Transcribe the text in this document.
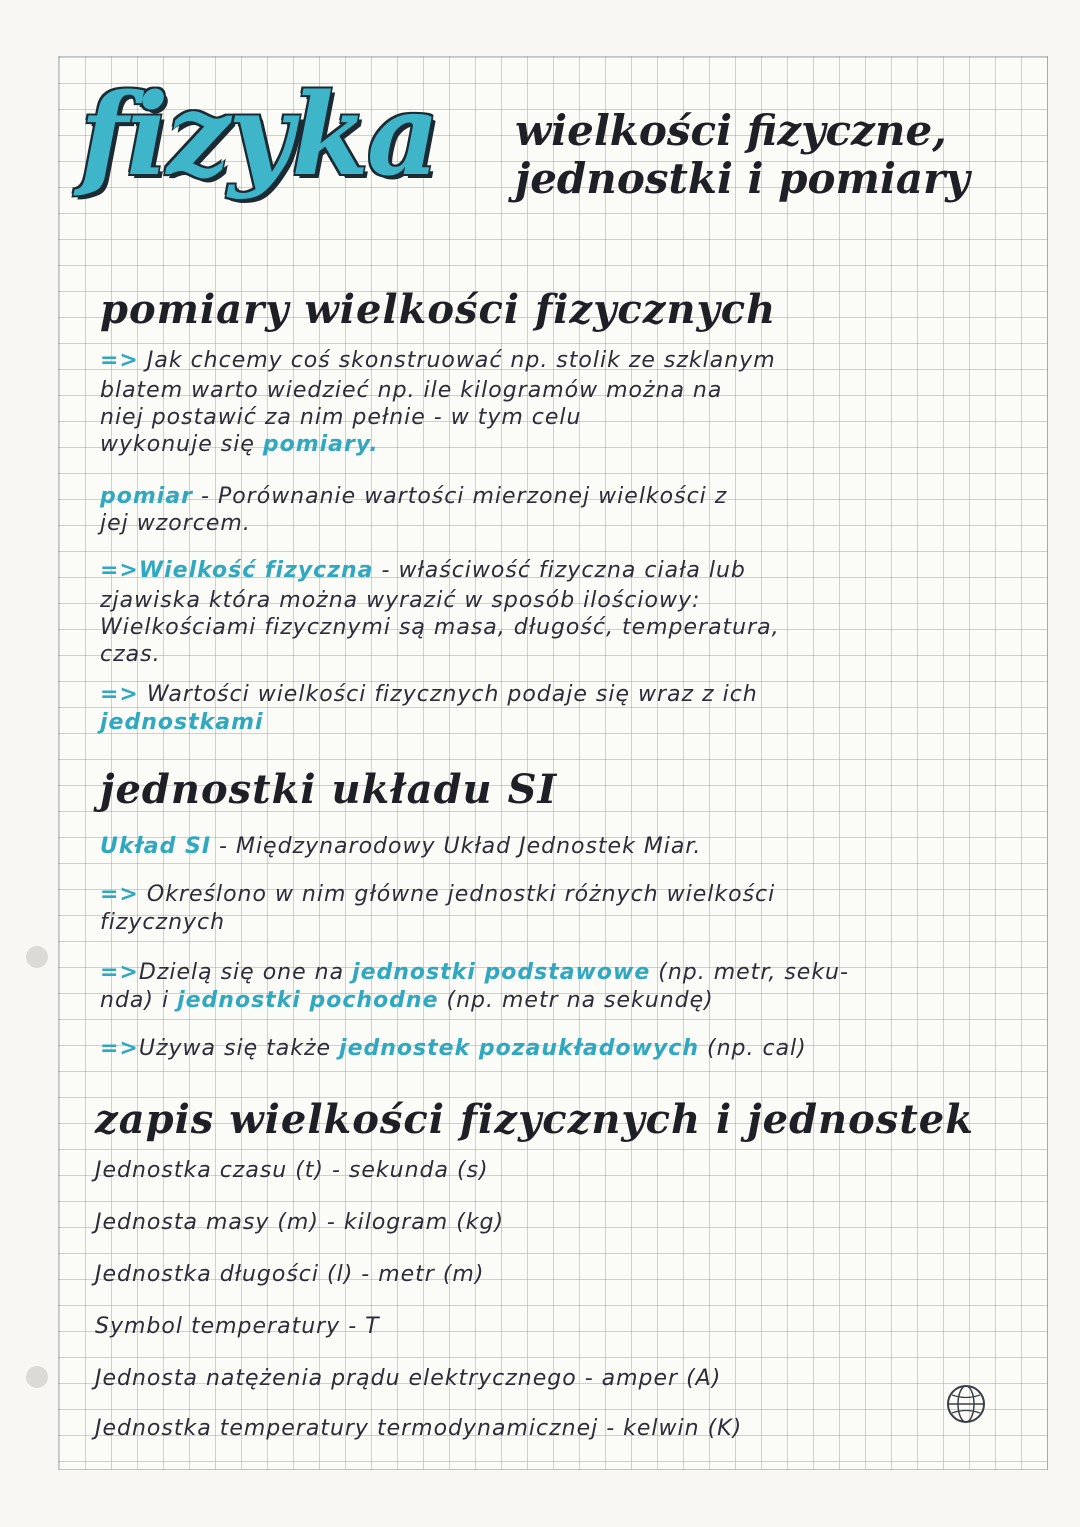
fizyka wielkości fizyczne,
jednostki i pomiary
pomiary wielkości fizycznych
=> Jak chcemy coś skonstruować np. stolik ze szklanym
blatem warto wiedzieć np. ile kilogramów można na
niej postawić za nim pełnie - w tym celu
wykonuje się pomiary.
pomiar - Porównanie wartości mierzonej wielkości z
jej wzorcem.
=>Wielkość fizyczna - właściwość fizyczna ciała lub
zjawiska która można wyrazić w sposób ilościowy:
Wielkościami fizycznymi są masa, długość, temperatura,
czas.
=> Wartości wielkości fizycznych podaje się wraz z ich
jednostkami
jednostki układu SI
Układ SI - Międzynarodowy Układ Jednostek Miar.
=> Określono w nim główne jednostki różnych wielkości
fizycznych
=>Dzielą się one na jednostki podstawowe (np. metr, seku-
nda) i jednostki pochodne (np. metr na sekundę)
=>Używa się także jednostek pozaukładowych (np. cal)
zapis wielkości fizycznych i jednostek
Jednostka czasu (t) - sekunda (s)
Jednosta masy (m) - kilogram (kg)
Jednostka długości (l) - metr (m)
Symbol temperatury - T
Jednosta natężenia prądu elektrycznego - amper (A)
Jednostka temperatury termodynamicznej - kelwin (K)
